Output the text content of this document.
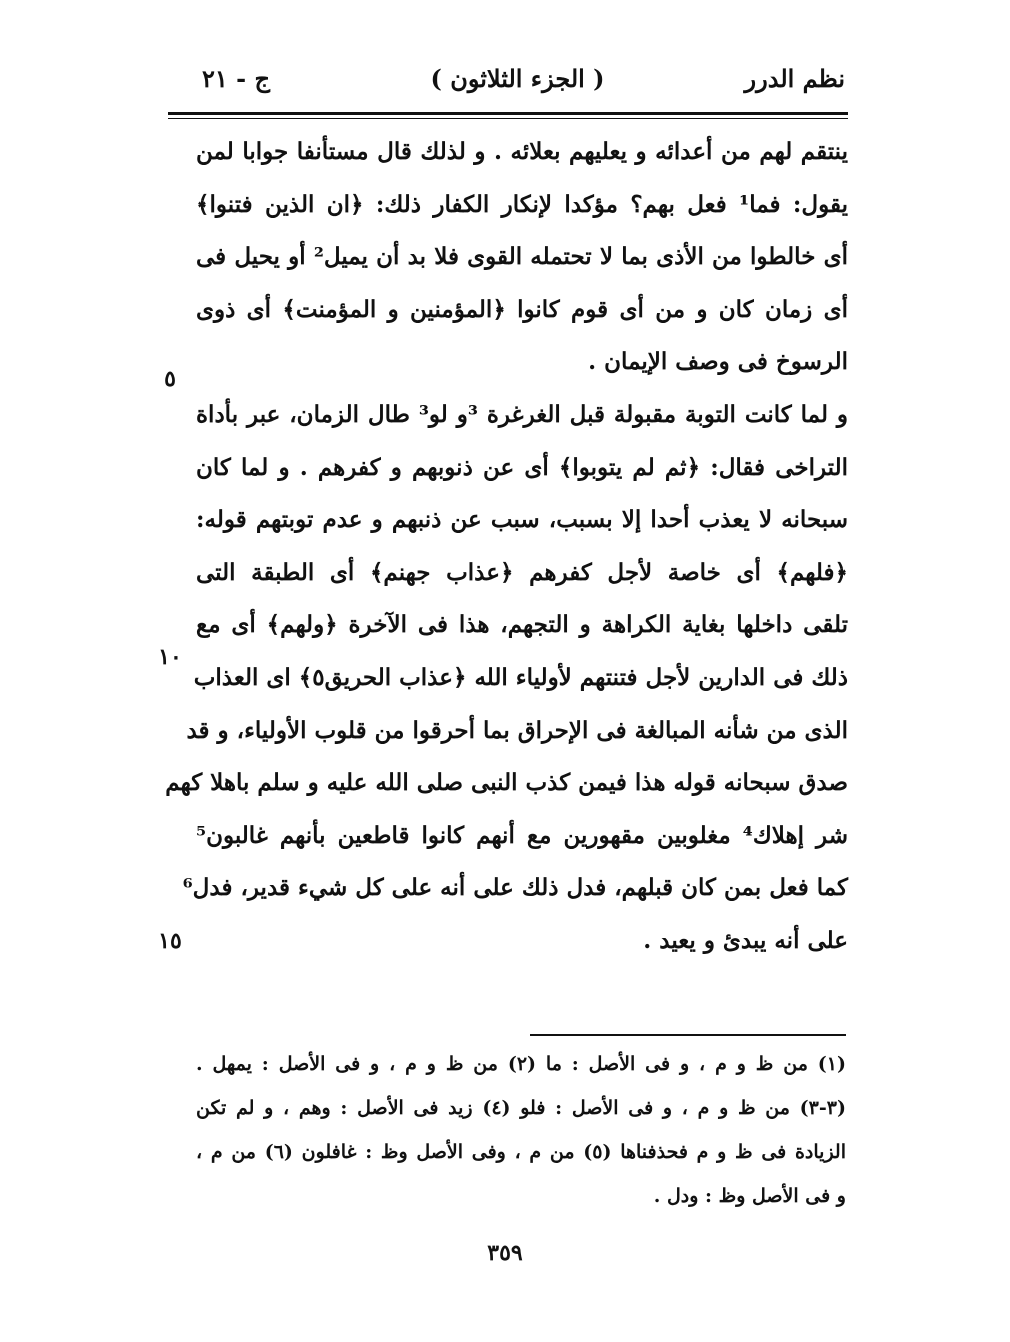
نظم الدرر
( الجزء الثلاثون )
ج - ٢١
ينتقم لهم من أعدائه و يعليهم بعلائه . و لذلك قال مستأنفا جوابا لمن
يقول: فما¹ فعل بهم؟ مؤكدا لإنكار الكفار ذلك: ﴿ان الذين فتنوا﴾
أى خالطوا من الأذى بما لا تحتمله القوى فلا بد أن يميل² أو يحيل فى
أى زمان كان و من أى قوم كانوا ﴿المؤمنين و المؤمنت﴾ أى ذوى
الرسوخ فى وصف الإيمان .
و لما كانت التوبة مقبولة قبل الغرغرة ³و لو³ طال الزمان، عبر بأداة
التراخى فقال: ﴿ثم لم يتوبوا﴾ أى عن ذنوبهم و كفرهم . و لما كان
سبحانه لا يعذب أحدا إلا بسبب، سبب عن ذنبهم و عدم توبتهم قوله:
﴿فلهم﴾ أى خاصة لأجل كفرهم ﴿عذاب جهنم﴾ أى الطبقة التى
تلقى داخلها بغاية الكراهة و التجهم، هذا فى الآخرة ﴿ولهم﴾ أى مع
ذلك فى الدارين لأجل فتنتهم لأولياء الله ﴿عذاب الحريق٥﴾ اى العذاب
الذى من شأنه المبالغة فى الإحراق بما أحرقوا من قلوب الأولياء، و قد
صدق سبحانه قوله هذا فيمن كذب النبى صلى الله عليه و سلم باهلا كهم
شر إهلاك⁴ مغلوبين مقهورين مع أنهم كانوا قاطعين بأنهم غالبون⁵
كما فعل بمن كان قبلهم، فدل ذلك على أنه على كل شيء قدير، فدل⁶
على أنه يبدئ و يعيد .
٥
١٠
١٥
(١) من ظ و م ، و فى الأصل : ما (٢) من ظ و م ، و فى الأصل : يمهل .
(٣-٣) من ظ و م ، و فى الأصل : فلو (٤) زيد فى الأصل : وهم ، و لم تكن
الزيادة فى ظ و م فحذفناها (٥) من م ، وفى الأصل وظ : غافلون (٦) من م ،
و فى الأصل وظ : ودل .
٣٥٩
